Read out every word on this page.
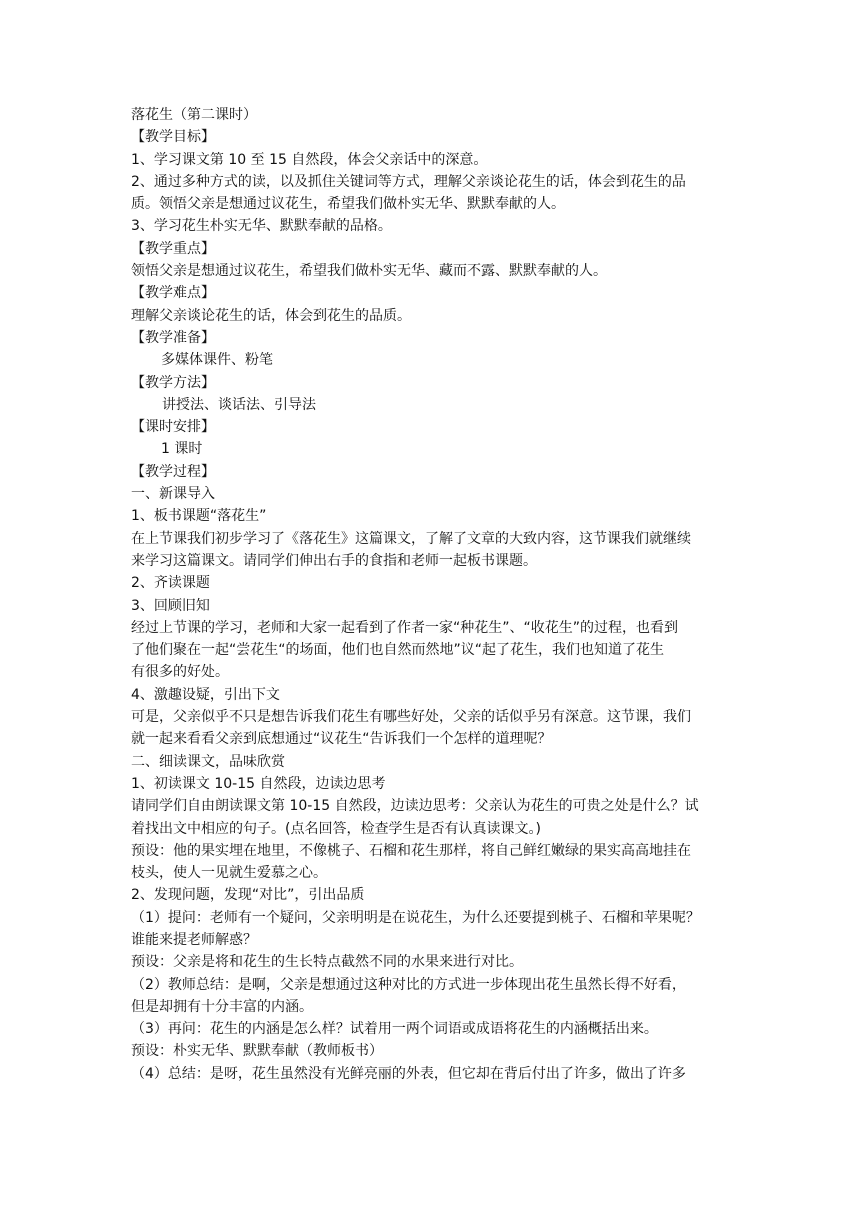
落花生（第二课时）
【教学目标】
1、学习课文第 10 至 15 自然段，体会父亲话中的深意。
2、通过多种方式的读，以及抓住关键词等方式，理解父亲谈论花生的话，体会到花生的品
质。领悟父亲是想通过议花生，希望我们做朴实无华、默默奉献的人。
3、学习花生朴实无华、默默奉献的品格。
【教学重点】
领悟父亲是想通过议花生，希望我们做朴实无华、藏而不露、默默奉献的人。
【教学难点】
理解父亲谈论花生的话，体会到花生的品质。
【教学准备】
多媒体课件、粉笔
【教学方法】
讲授法、谈话法、引导法
【课时安排】
1 课时
【教学过程】
一、新课导入
1、板书课题“落花生”
在上节课我们初步学习了《落花生》这篇课文，了解了文章的大致内容，这节课我们就继续
来学习这篇课文。请同学们伸出右手的食指和老师一起板书课题。
2、齐读课题
3、回顾旧知
经过上节课的学习，老师和大家一起看到了作者一家“种花生”、“收花生”的过程，也看到
了他们聚在一起“尝花生“的场面，他们也自然而然地”议“起了花生，我们也知道了花生
有很多的好处。
4、激趣设疑，引出下文
可是，父亲似乎不只是想告诉我们花生有哪些好处，父亲的话似乎另有深意。这节课，我们
就一起来看看父亲到底想通过“议花生“告诉我们一个怎样的道理呢？
二、细读课文，品味欣赏
1、初读课文 10-15 自然段，边读边思考
请同学们自由朗读课文第 10-15 自然段，边读边思考：父亲认为花生的可贵之处是什么？试
着找出文中相应的句子。(点名回答，检查学生是否有认真读课文。)
预设：他的果实埋在地里，不像桃子、石榴和花生那样，将自己鲜红嫩绿的果实高高地挂在
枝头，使人一见就生爱慕之心。
2、发现问题，发现“对比”，引出品质
（1）提问：老师有一个疑问，父亲明明是在说花生，为什么还要提到桃子、石榴和苹果呢？
谁能来提老师解惑？
预设：父亲是将和花生的生长特点截然不同的水果来进行对比。
（2）教师总结：是啊，父亲是想通过这种对比的方式进一步体现出花生虽然长得不好看，
但是却拥有十分丰富的内涵。
（3）再问：花生的内涵是怎么样？试着用一两个词语或成语将花生的内涵概括出来。
预设：朴实无华、默默奉献（教师板书）
（4）总结：是呀，花生虽然没有光鲜亮丽的外表，但它却在背后付出了许多，做出了许多
